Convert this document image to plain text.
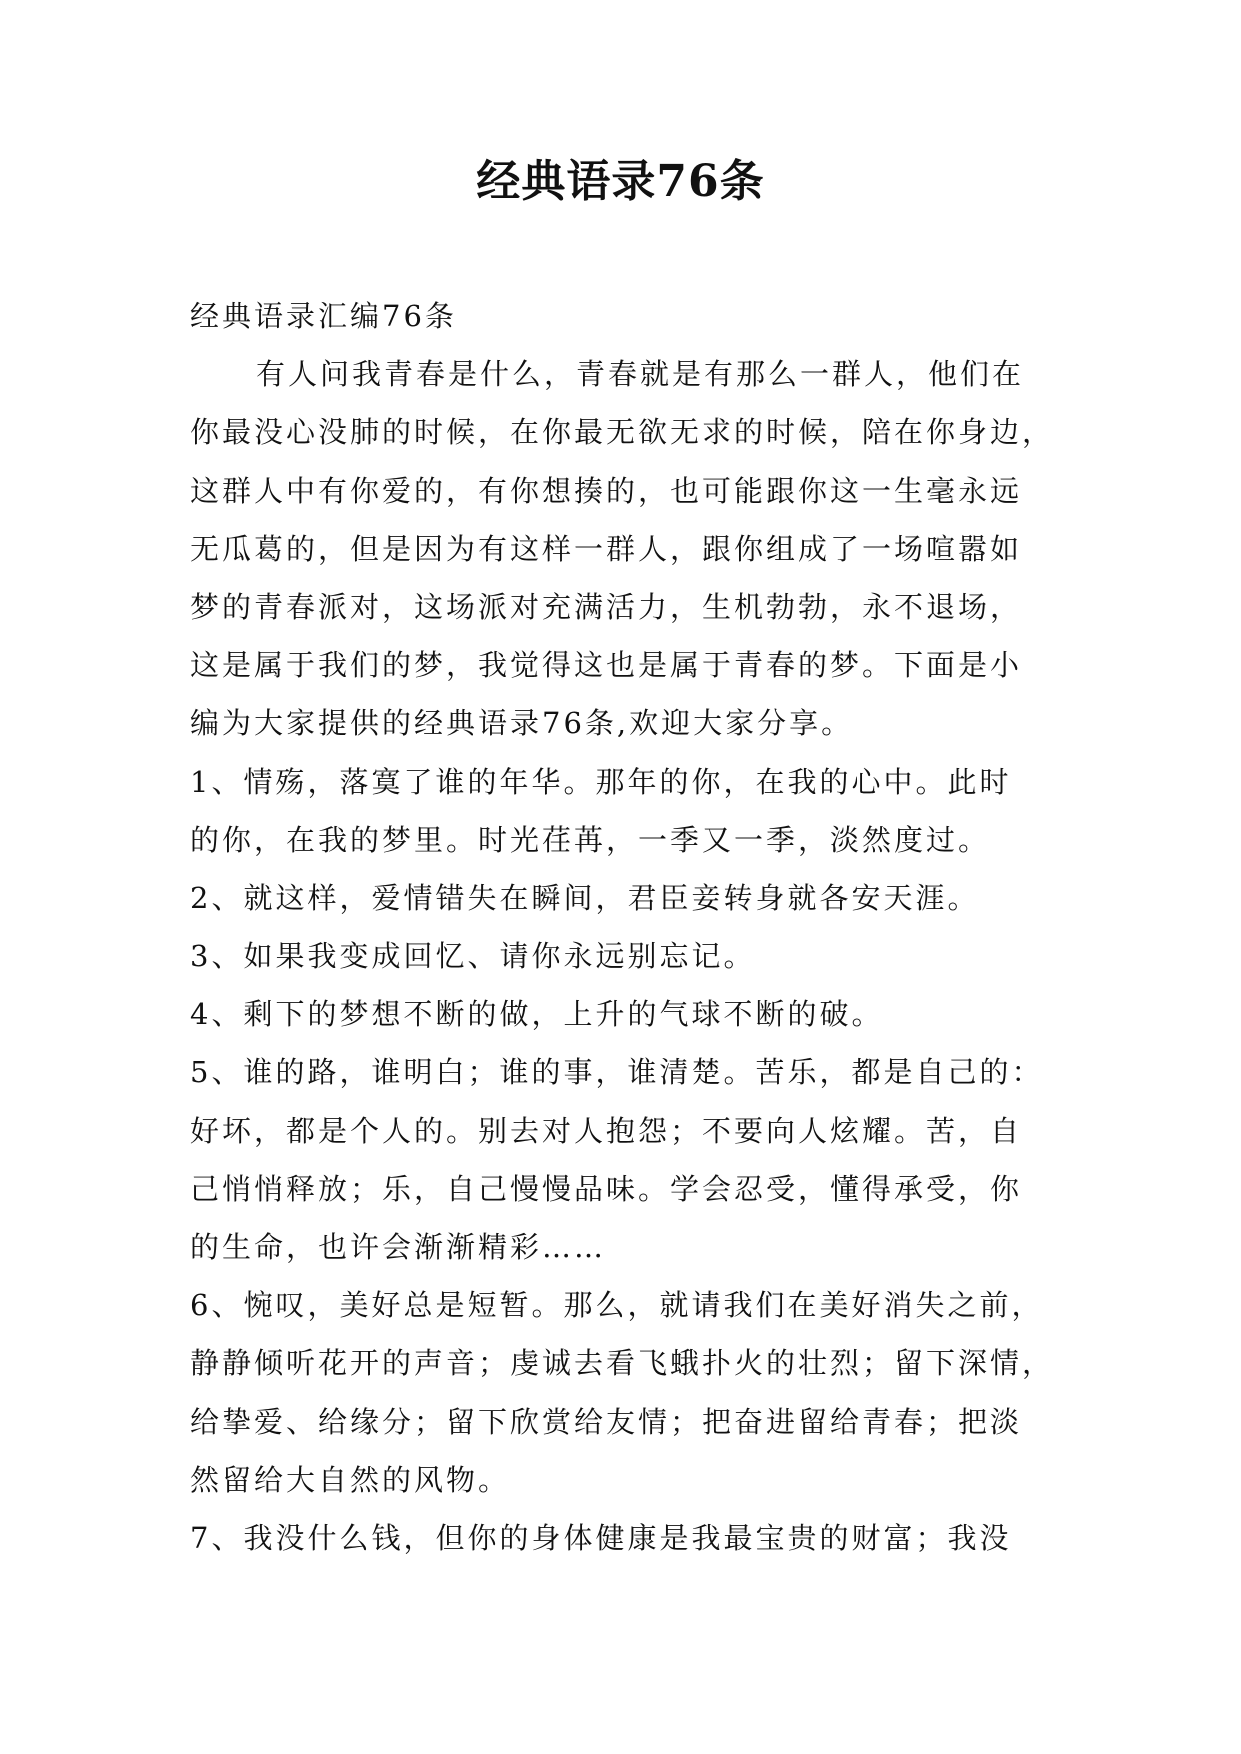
经典语录76条
经典语录汇编76条
有人问我青春是什么，青春就是有那么一群人，他们在
你最没心没肺的时候，在你最无欲无求的时候，陪在你身边，
这群人中有你爱的，有你想揍的，也可能跟你这一生毫永远
无瓜葛的，但是因为有这样一群人，跟你组成了一场喧嚣如
梦的青春派对，这场派对充满活力，生机勃勃，永不退场，
这是属于我们的梦，我觉得这也是属于青春的梦。下面是小
编为大家提供的经典语录76条,欢迎大家分享。
1、情殇，落寞了谁的年华。那年的你，在我的心中。此时
的你，在我的梦里。时光荏苒，一季又一季，淡然度过。
2、就这样，爱情错失在瞬间，君臣妾转身就各安天涯。
3、如果我变成回忆、请你永远别忘记。
4、剩下的梦想不断的做，上升的气球不断的破。
5、谁的路，谁明白；谁的事，谁清楚。苦乐，都是自己的：
好坏，都是个人的。别去对人抱怨；不要向人炫耀。苦，自
己悄悄释放；乐，自己慢慢品味。学会忍受，懂得承受，你
的生命，也许会渐渐精彩……
6、惋叹，美好总是短暂。那么，就请我们在美好消失之前，
静静倾听花开的声音；虔诚去看飞蛾扑火的壮烈；留下深情，
给挚爱、给缘分；留下欣赏给友情；把奋进留给青春；把淡
然留给大自然的风物。
7、我没什么钱，但你的身体健康是我最宝贵的财富；我没
